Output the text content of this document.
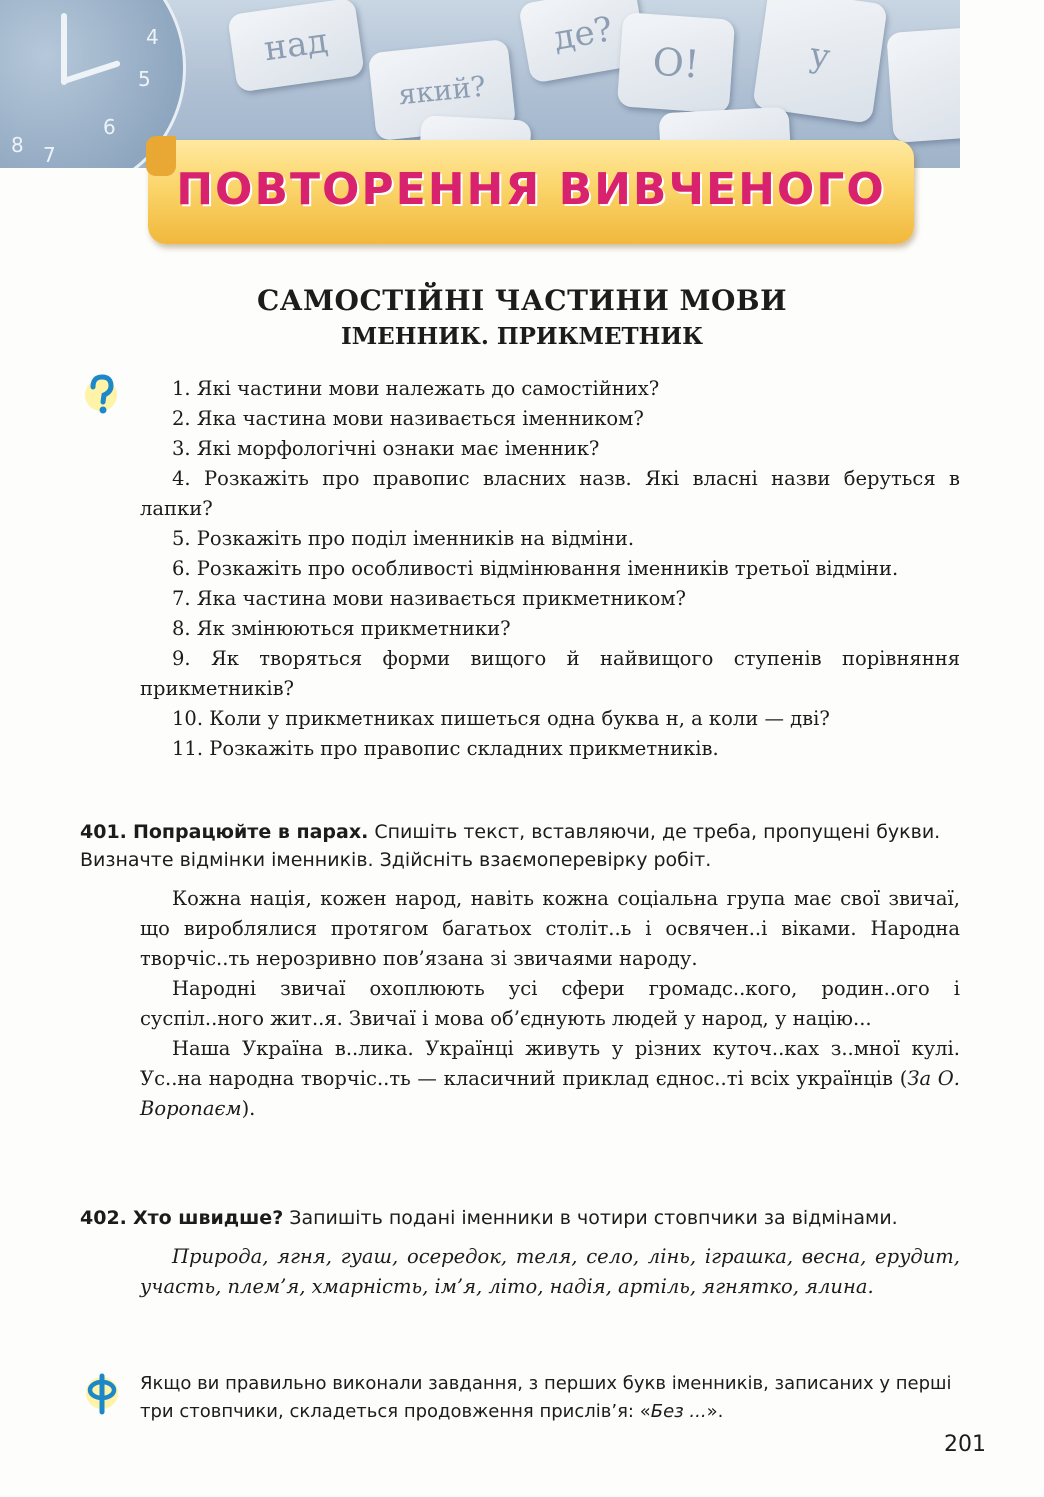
8 7
6
5
4	над
який?
де?
О!	у
ПОВТОРЕННЯ ВИВЧЕНОГО
САМОСТІЙНІ ЧАСТИНИ МОВИ
ІМЕННИК. ПРИКМЕТНИК

1. Які частини мови належать до самостійних?

2. Яка частина мови називається іменником?

3. Які морфологічні ознаки має іменник?

4. Розкажіть про правопис власних назв. Які власні назви беруться в лапки?

5. Розкажіть про поділ іменників на відміни.

6. Розкажіть про особливості відмінювання іменників третьої відміни.

7. Яка частина мови називається прикметником?

8. Як змінюються прикметники?

9. Як творяться форми вищого й найвищого ступенів порівняння прикметників?

10. Коли у прикметниках пишеться одна буква н, а коли — дві?

11. Розкажіть про правопис складних прикметників.

401. Попрацюйте в парах. Спишіть текст, вставляючи, де треба, пропущені букви. Визначте відмінки іменників. Здійсніть взаємоперевірку робіт.

Кожна нація, кожен народ, навіть кожна соціальна група має свої звичаї, що вироблялися протягом багатьох століт..ь і освячен..і віками. Народна творчіс..ть нерозривно пов’язана зі звичаями народу.

Народні звичаї охоплюють усі сфери громадс..кого, родин..ого і суспіл..ного жит..я. Звичаї і мова об’єднують людей у народ, у націю...

Наша Україна в..лика. Українці живуть у різних куточ..ках з..мної кулі. Ус..на народна творчіс..ть — класичний приклад єднос..ті всіх українців (За О. Воропаєм).

402. Хто швидше? Запишіть подані іменники в чотири стовпчики за відмінами.

Природа, ягня, гуаш, осередок, теля, село, лінь, іграшка, весна, ерудит, участь, плем’я, хмарність, ім’я, літо, надія, артіль, ягнятко, ялина.

Якщо ви правильно виконали завдання, з перших букв іменників, записаних у перші три стовпчики, складеться продовження прислів’я: «Без ...».

201
